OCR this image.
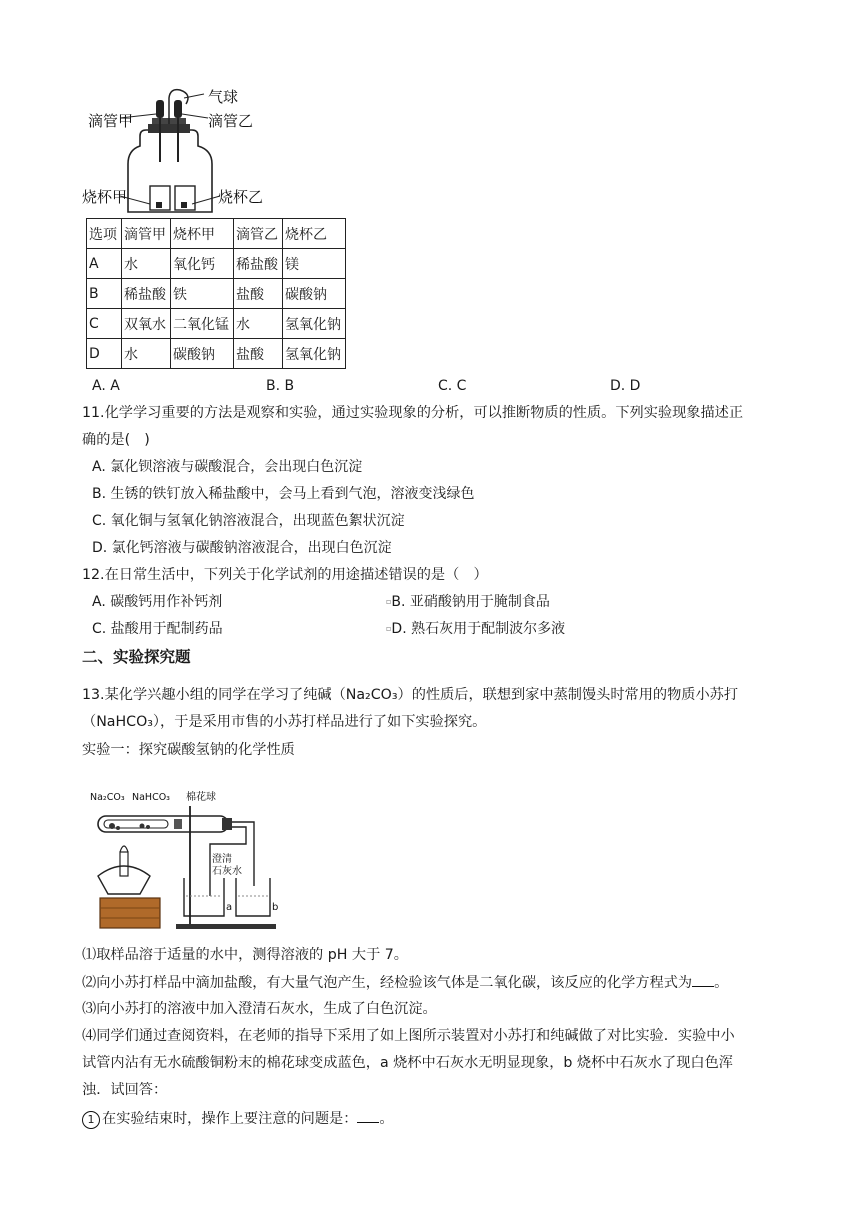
气球
滴管甲	滴管乙
烧杯甲	烧杯乙
选项	滴管甲	烧杯甲	滴管乙	烧杯乙
A	水	氧化钙	稀盐酸	镁
B	稀盐酸	铁	盐酸	碳酸钠
C	双氧水	二氧化锰	水	氢氧化钠
D	水	碳酸钠	盐酸	氢氧化钠
A. A	B. B	C. C	D. D
11.化学学习重要的方法是观察和实验，通过实验现象的分析，可以推断物质的性质。下列实验现象描述正
确的是(　)
A. 氯化钡溶液与碳酸混合，会出现白色沉淀
B. 生锈的铁钉放入稀盐酸中，会马上看到气泡，溶液变浅绿色
C. 氧化铜与氢氧化钠溶液混合，出现蓝色絮状沉淀
D. 氯化钙溶液与碳酸钠溶液混合，出现白色沉淀
12.在日常生活中，下列关于化学试剂的用途描述错误的是（　）
A. 碳酸钙用作补钙剂	▫B. 亚硝酸钠用于腌制食品
C. 盐酸用于配制药品	▫D. 熟石灰用于配制波尔多液
二、实验探究题
13.某化学兴趣小组的同学在学习了纯碱（Na₂CO₃）的性质后，联想到家中蒸制馒头时常用的物质小苏打
（NaHCO₃），于是采用市售的小苏打样品进行了如下实验探究。
实验一：探究碳酸氢钠的化学性质
Na₂CO₃ NaHCO₃ 棉花球
澄清
石灰水
a	b
⑴取样品溶于适量的水中，测得溶液的 pH 大于 7。
⑵向小苏打样品中滴加盐酸，有大量气泡产生，经检验该气体是二氧化碳，该反应的化学方程式为 。
⑶向小苏打的溶液中加入澄清石灰水，生成了白色沉淀。
⑷同学们通过查阅资料，在老师的指导下采用了如上图所示装置对小苏打和纯碱做了对比实验．实验中小
试管内沾有无水硫酸铜粉末的棉花球变成蓝色，a 烧杯中石灰水无明显现象，b 烧杯中石灰水了现白色浑
浊．试回答：
1 在实验结束时，操作上要注意的问题是： 。
